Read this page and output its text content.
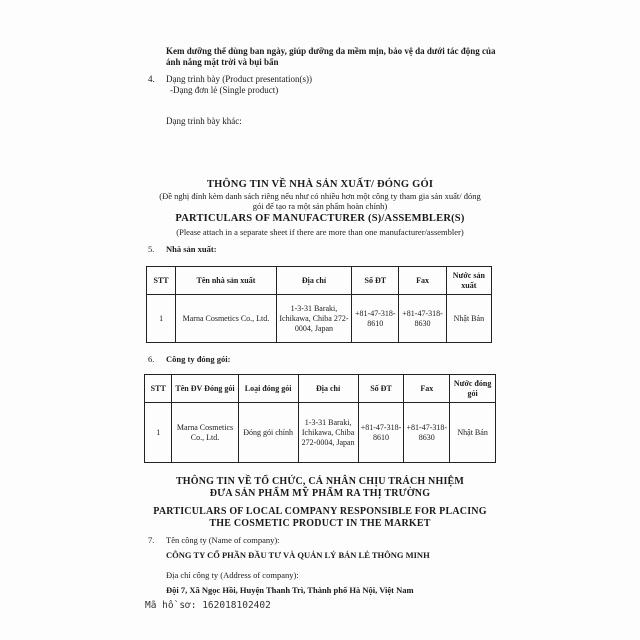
Kem dưỡng thể dùng ban ngày, giúp dưỡng da mềm mịn, bảo vệ da dưới tác động của
ánh nắng mặt trời và bụi bẩn
4. Dạng trình bày (Product presentation(s))
-Dạng đơn lẻ (Single product)
Dạng trình bày khác:
THÔNG TIN VỀ NHÀ SẢN XUẤT/ ĐÓNG GÓI
(Đề nghị đính kèm danh sách riêng nếu như có nhiều hơn một công ty tham gia sản xuất/ đóng
gói để tạo ra một sản phẩm hoàn chỉnh)
PARTICULARS OF MANUFACTURER (S)/ASSEMBLER(S)
(Please attach in a separate sheet if there are more than one manufacturer/assembler)
5. Nhà sản xuất:
STT	Tên nhà sản xuất	Địa chỉ	Số ĐT	Fax	Nước sản xuất
1	Marna Cosmetics Co., Ltd.	1-3-31 Baraki, Ichikawa, Chiba 272-0004, Japan	+81-47-318-8610	+81-47-318-8630	Nhật Bản
6. Công ty đóng gói:
STT	Tên ĐV Đóng gói	Loại đóng gói	Địa chỉ	Số ĐT	Fax	Nước đóng gói
1	Marna Cosmetics Co., Ltd.	Đóng gói chính	1-3-31 Baraki, Ichikawa, Chiba 272-0004, Japan	+81-47-318-8610	+81-47-318-8630	Nhật Bản
THÔNG TIN VỀ TỔ CHỨC, CÁ NHÂN CHỊU TRÁCH NHIỆM
ĐƯA SẢN PHẨM MỸ PHẨM RA THỊ TRƯỜNG
PARTICULARS OF LOCAL COMPANY RESPONSIBLE FOR PLACING
THE COSMETIC PRODUCT IN THE MARKET
7. Tên công ty (Name of company):
CÔNG TY CỔ PHẦN ĐẦU TƯ VÀ QUẢN LÝ BÁN LẺ THÔNG MINH
Địa chỉ công ty (Address of company):
Đội 7, Xã Ngọc Hồi, Huyện Thanh Trì, Thành phố Hà Nội, Việt Nam
Mã hồ sơ: 162018102402
